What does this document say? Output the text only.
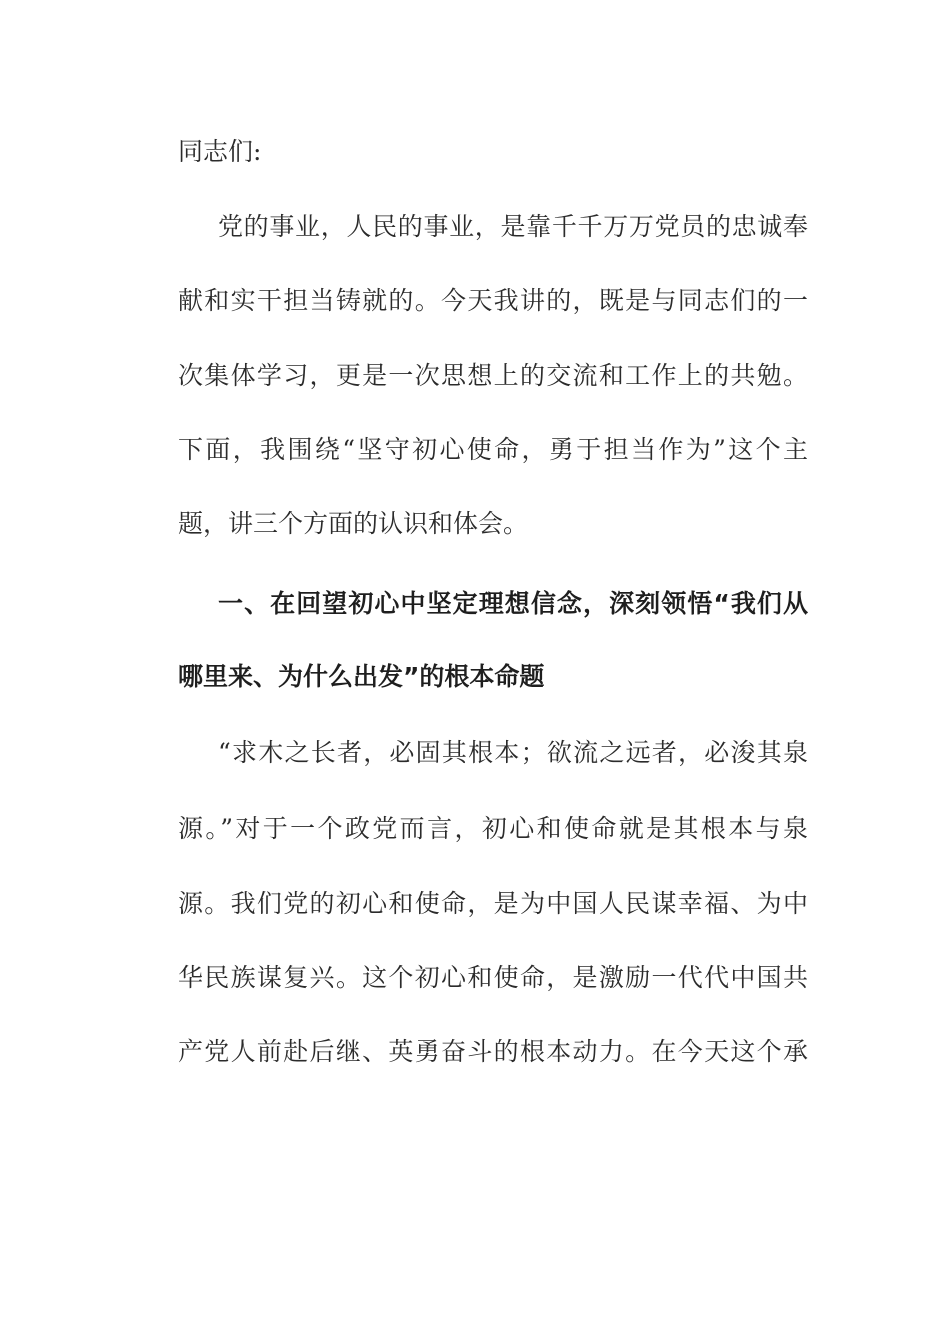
同志们:
党的事业，人民的事业，是靠千千万万党员的忠诚奉
献和实干担当铸就的。今天我讲的，既是与同志们的一
次集体学习，更是一次思想上的交流和工作上的共勉。
下面，我围绕“坚守初心使命，勇于担当作为”这个主
题，讲三个方面的认识和体会。
一、在回望初心中坚定理想信念，深刻领悟“我们从
哪里来、为什么出发”的根本命题
“求木之长者，必固其根本；欲流之远者，必浚其泉
源。”对于一个政党而言，初心和使命就是其根本与泉
源。我们党的初心和使命，是为中国人民谋幸福、为中
华民族谋复兴。这个初心和使命，是激励一代代中国共
产党人前赴后继、英勇奋斗的根本动力。在今天这个承
